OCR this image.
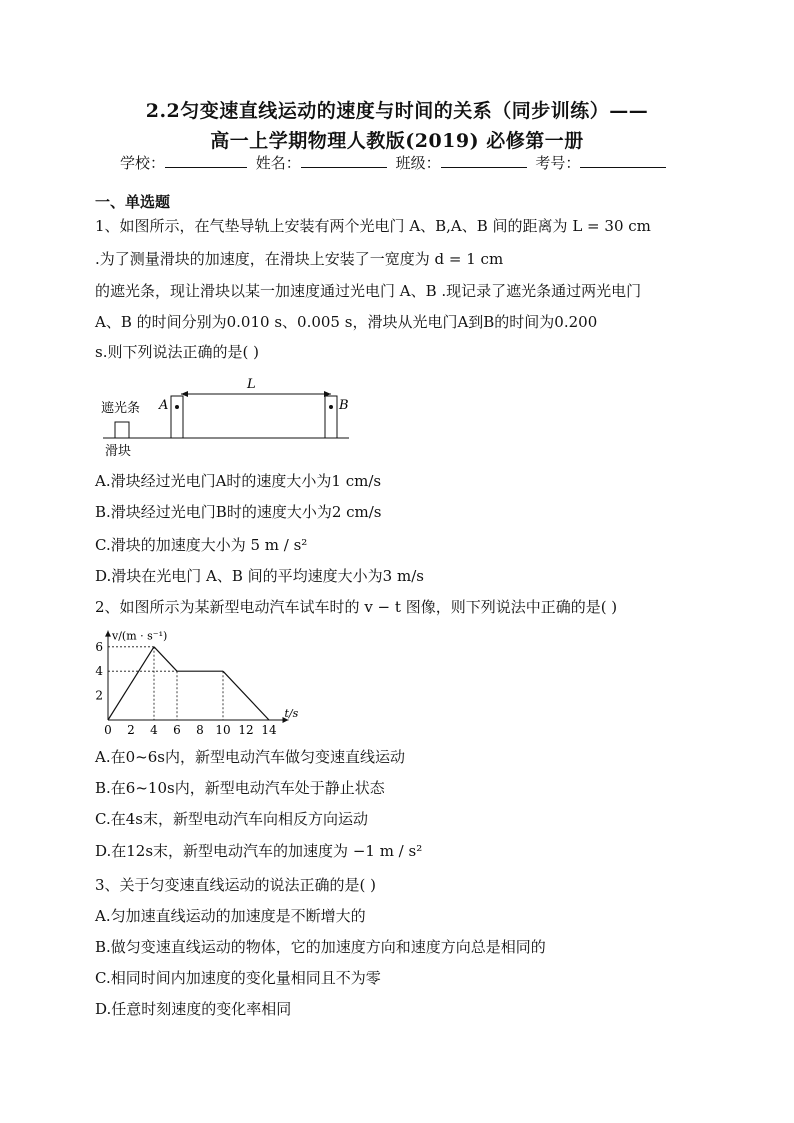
2.2匀变速直线运动的速度与时间的关系（同步训练）——
高一上学期物理人教版(2019) 必修第一册
学校：	姓名：	班级：	考号：
一、单选题
1、如图所示，在气垫导轨上安装有两个光电门 A、B,A、B 间的距离为 L = 30 cm
.为了测量滑块的加速度，在滑块上安装了一宽度为 d = 1 cm
的遮光条，现让滑块以某一加速度通过光电门 A、B .现记录了遮光条通过两光电门
A、B 的时间分别为0.010 s、0.005 s，滑块从光电门A到B的时间为0.200
s.则下列说法正确的是( )
L
A	B
遮光条
滑块
A.滑块经过光电门A时的速度大小为1 cm/s
B.滑块经过光电门B时的速度大小为2 cm/s
C.滑块的加速度大小为 5 m / s²
D.滑块在光电门 A、B 间的平均速度大小为3 m/s
2、如图所示为某新型电动汽车试车时的 v − t 图像，则下列说法中正确的是( )
0 2 4 6 8 10 12 14
2
4
6
v/(m · s⁻¹)
t/s
A.在0~6s内，新型电动汽车做匀变速直线运动
B.在6~10s内，新型电动汽车处于静止状态
C.在4s末，新型电动汽车向相反方向运动
D.在12s末，新型电动汽车的加速度为 −1 m / s²
3、关于匀变速直线运动的说法正确的是( )
A.匀加速直线运动的加速度是不断增大的
B.做匀变速直线运动的物体，它的加速度方向和速度方向总是相同的
C.相同时间内加速度的变化量相同且不为零
D.任意时刻速度的变化率相同
